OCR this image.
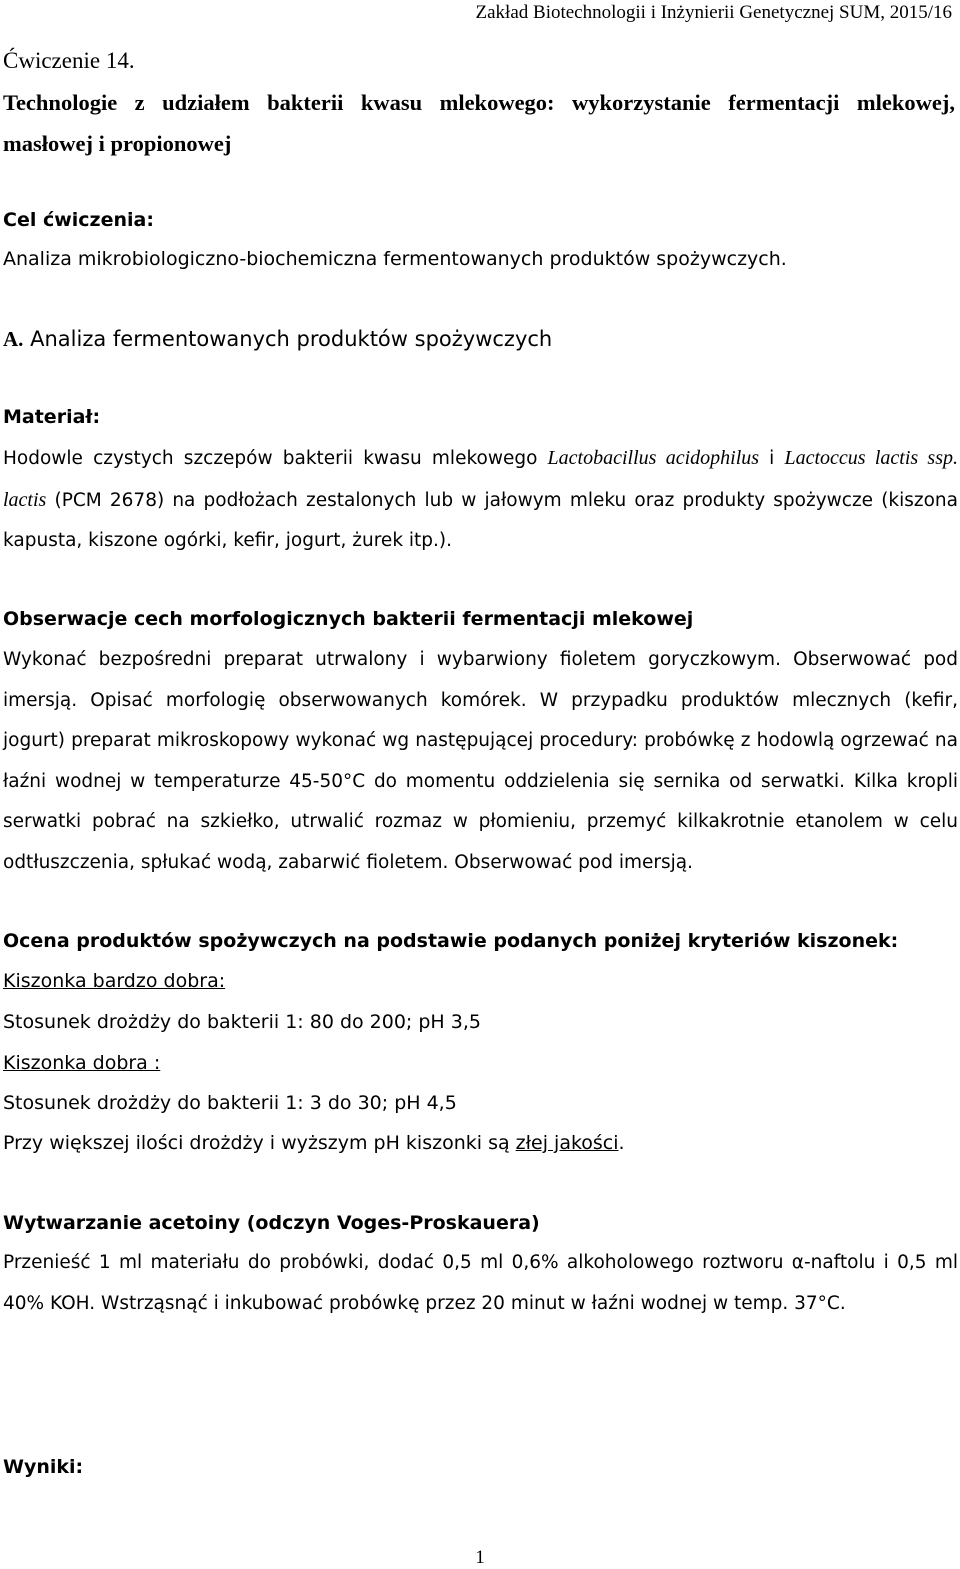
Zakład Biotechnologii i Inżynierii Genetycznej SUM, 2015/16
Ćwiczenie 14.
Technologie z udziałem bakterii kwasu mlekowego: wykorzystanie fermentacji mlekowej,
masłowej i propionowej
Cel ćwiczenia:
Analiza mikrobiologiczno-biochemiczna fermentowanych produktów spożywczych.
A. Analiza fermentowanych produktów spożywczych
Materiał:

Hodowle czystych szczepów bakterii kwasu mlekowego Lactobacillus acidophilus i Lactoccus lactis ssp. lactis (PCM 2678) na podłożach zestalonych lub w jałowym mleku oraz produkty spożywcze (kiszona kapusta, kiszone ogórki, kefir, jogurt, żurek itp.).

Obserwacje cech morfologicznych bakterii fermentacji mlekowej

Wykonać bezpośredni preparat utrwalony i wybarwiony fioletem goryczkowym. Obserwować pod imersją. Opisać morfologię obserwowanych komórek. W przypadku produktów mlecznych (kefir, jogurt) preparat mikroskopowy wykonać wg następującej procedury: probówkę z hodowlą ogrzewać na łaźni wodnej w temperaturze 45-50°C do momentu oddzielenia się sernika od serwatki. Kilka kropli serwatki pobrać na szkiełko, utrwalić rozmaz w płomieniu, przemyć kilkakrotnie etanolem w celu odtłuszczenia, spłukać wodą, zabarwić fioletem. Obserwować pod imersją.

Ocena produktów spożywczych na podstawie podanych poniżej kryteriów kiszonek:
Kiszonka bardzo dobra:
Stosunek drożdży do bakterii 1: 80 do 200; pH 3,5
Kiszonka dobra :
Stosunek drożdży do bakterii 1: 3 do 30; pH 4,5
Przy większej ilości drożdży i wyższym pH kiszonki są złej jakości.
Wytwarzanie acetoiny (odczyn Voges-Proskauera)

Przenieść 1 ml materiału do probówki, dodać 0,5 ml 0,6% alkoholowego roztworu α-naftolu i 0,5 ml 40% KOH. Wstrząsnąć i inkubować probówkę przez 20 minut w łaźni wodnej w temp. 37°C.

Wyniki:
1
